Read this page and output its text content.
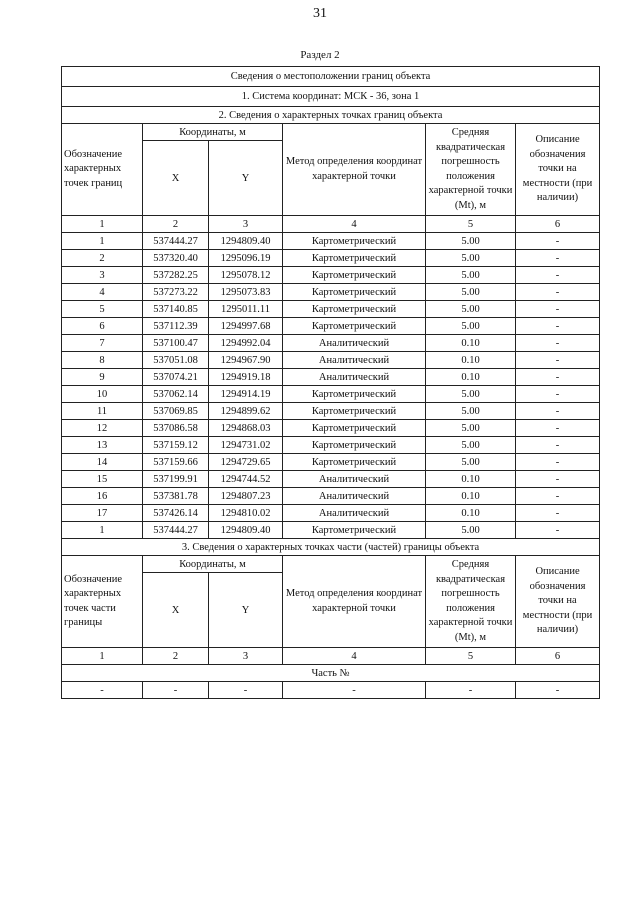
31
Раздел 2
Сведения о местоположении границ объекта					
1. Система координат: МСК - 36, зона 1					
2. Сведения о характерных точках границ объекта					
Обозначение характерных точек границ	Координаты, м		Метод определения координат характерной точки	Средняя квадратическая погрешность положения характерной точки (Mt), м	Описание обозначения точки на местности (при наличии)
	X	Y			
1	2	3	4	5	6
1	537444.27	1294809.40	Картометрический	5.00	-
2	537320.40	1295096.19	Картометрический	5.00	-
3	537282.25	1295078.12	Картометрический	5.00	-
4	537273.22	1295073.83	Картометрический	5.00	-
5	537140.85	1295011.11	Картометрический	5.00	-
6	537112.39	1294997.68	Картометрический	5.00	-
7	537100.47	1294992.04	Аналитический	0.10	-
8	537051.08	1294967.90	Аналитический	0.10	-
9	537074.21	1294919.18	Аналитический	0.10	-
10	537062.14	1294914.19	Картометрический	5.00	-
11	537069.85	1294899.62	Картометрический	5.00	-
12	537086.58	1294868.03	Картометрический	5.00	-
13	537159.12	1294731.02	Картометрический	5.00	-
14	537159.66	1294729.65	Картометрический	5.00	-
15	537199.91	1294744.52	Аналитический	0.10	-
16	537381.78	1294807.23	Аналитический	0.10	-
17	537426.14	1294810.02	Аналитический	0.10	-
1	537444.27	1294809.40	Картометрический	5.00	-
3. Сведения о характерных точках части (частей) границы объекта					

Обозначение характерных точек части границы	Координаты, м		Метод определения координат характерной точки	Средняя квадратическая погрешность положения характерной точки (Mt), м	Описание обозначения точки на местности (при наличии)
	X	Y			
1	2	3	4	5	6
Часть №					
-	-	-	-	-	-
